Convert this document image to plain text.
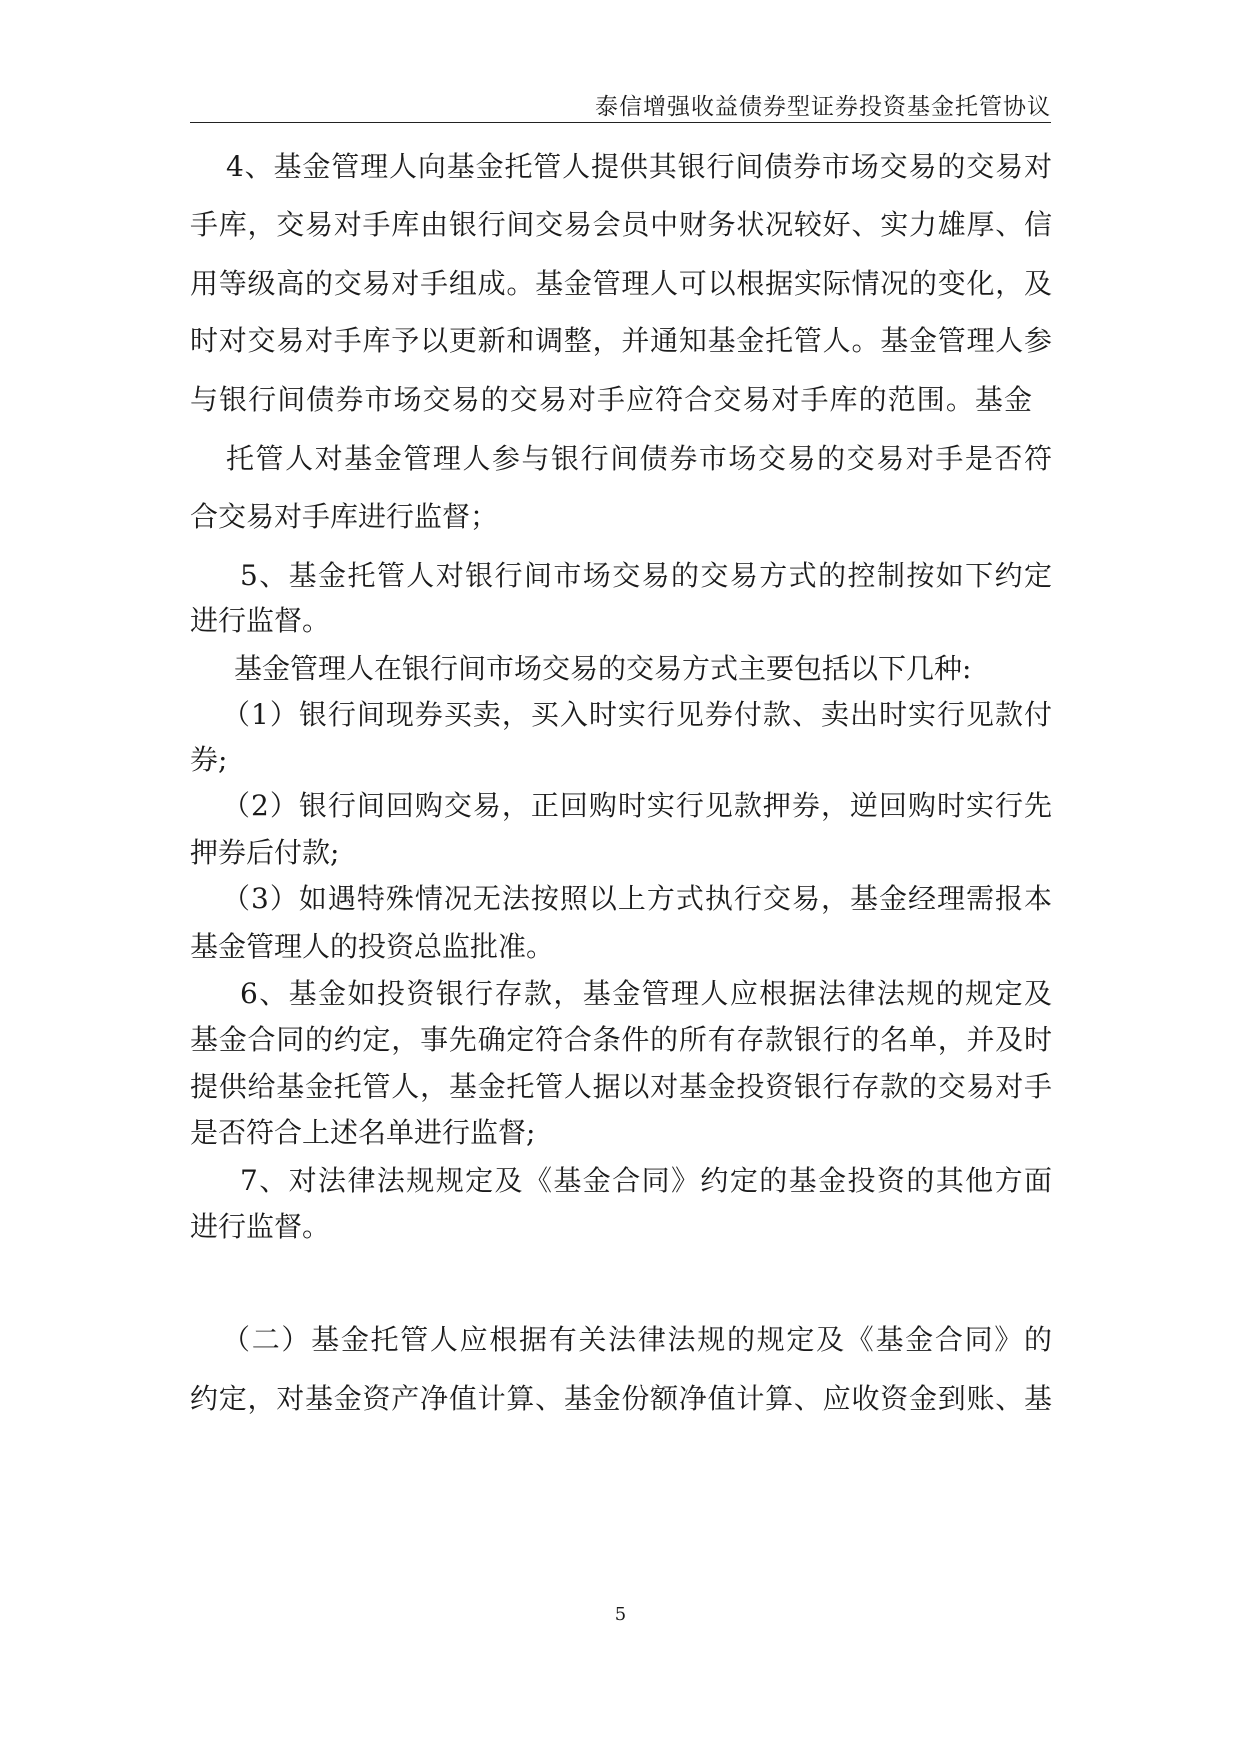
泰信增强收益债券型证券投资基金托管协议
4、基金管理人向基金托管人提供其银行间债券市场交易的交易对
手库，交易对手库由银行间交易会员中财务状况较好、实力雄厚、信
用等级高的交易对手组成。基金管理人可以根据实际情况的变化，及
时对交易对手库予以更新和调整，并通知基金托管人。基金管理人参
与银行间债券市场交易的交易对手应符合交易对手库的范围。基金
托管人对基金管理人参与银行间债券市场交易的交易对手是否符
合交易对手库进行监督；
5、基金托管人对银行间市场交易的交易方式的控制按如下约定
进行监督。
基金管理人在银行间市场交易的交易方式主要包括以下几种:
（1）银行间现券买卖，买入时实行见券付款、卖出时实行见款付
券;
（2）银行间回购交易，正回购时实行见款押券，逆回购时实行先
押券后付款;
（3）如遇特殊情况无法按照以上方式执行交易，基金经理需报本
基金管理人的投资总监批准。
6、基金如投资银行存款，基金管理人应根据法律法规的规定及
基金合同的约定，事先确定符合条件的所有存款银行的名单，并及时
提供给基金托管人，基金托管人据以对基金投资银行存款的交易对手
是否符合上述名单进行监督;
7、对法律法规规定及《基金合同》约定的基金投资的其他方面
进行监督。
（二）基金托管人应根据有关法律法规的规定及《基金合同》的
约定，对基金资产净值计算、基金份额净值计算、应收资金到账、基
5
